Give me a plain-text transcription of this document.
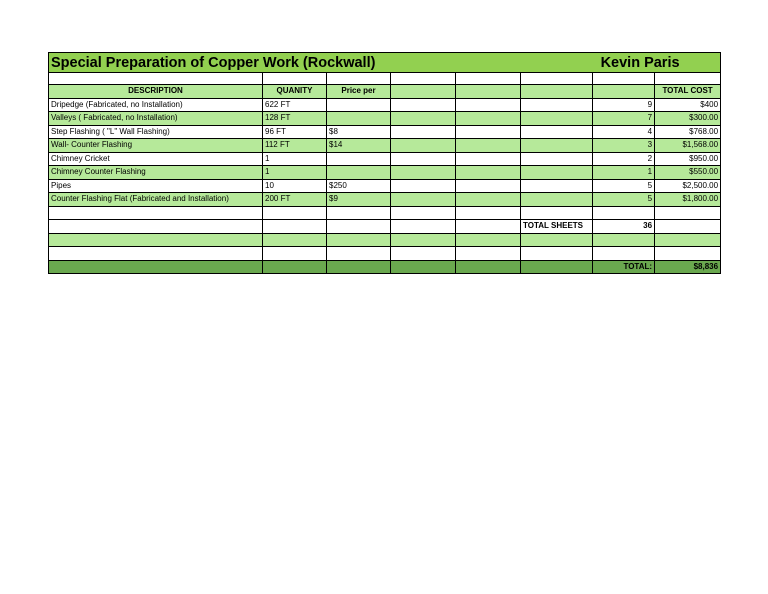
Special Preparation of Copper Work (Rockwall)						Kevin Paris	

DESCRIPTION	QUANITY	Price per					TOTAL COST
Dripedge (Fabricated, no Installation)	622 FT					9	$400
Valleys ( Fabricated, no Installation)	128 FT					7	$300.00
Step Flashing ( "L" Wall Flashing)	96 FT	$8				4	$768.00
Wall- Counter Flashing	112 FT	$14				3	$1,568.00
Chimney Cricket	1					2	$950.00
Chimney Counter Flashing	1					1	$550.00
Pipes	10	$250				5	$2,500.00
Counter Flashing Flat (Fabricated and Installation)	200 FT	$9				5	$1,800.00

					TOTAL SHEETS	36	

						TOTAL:	$8,836
